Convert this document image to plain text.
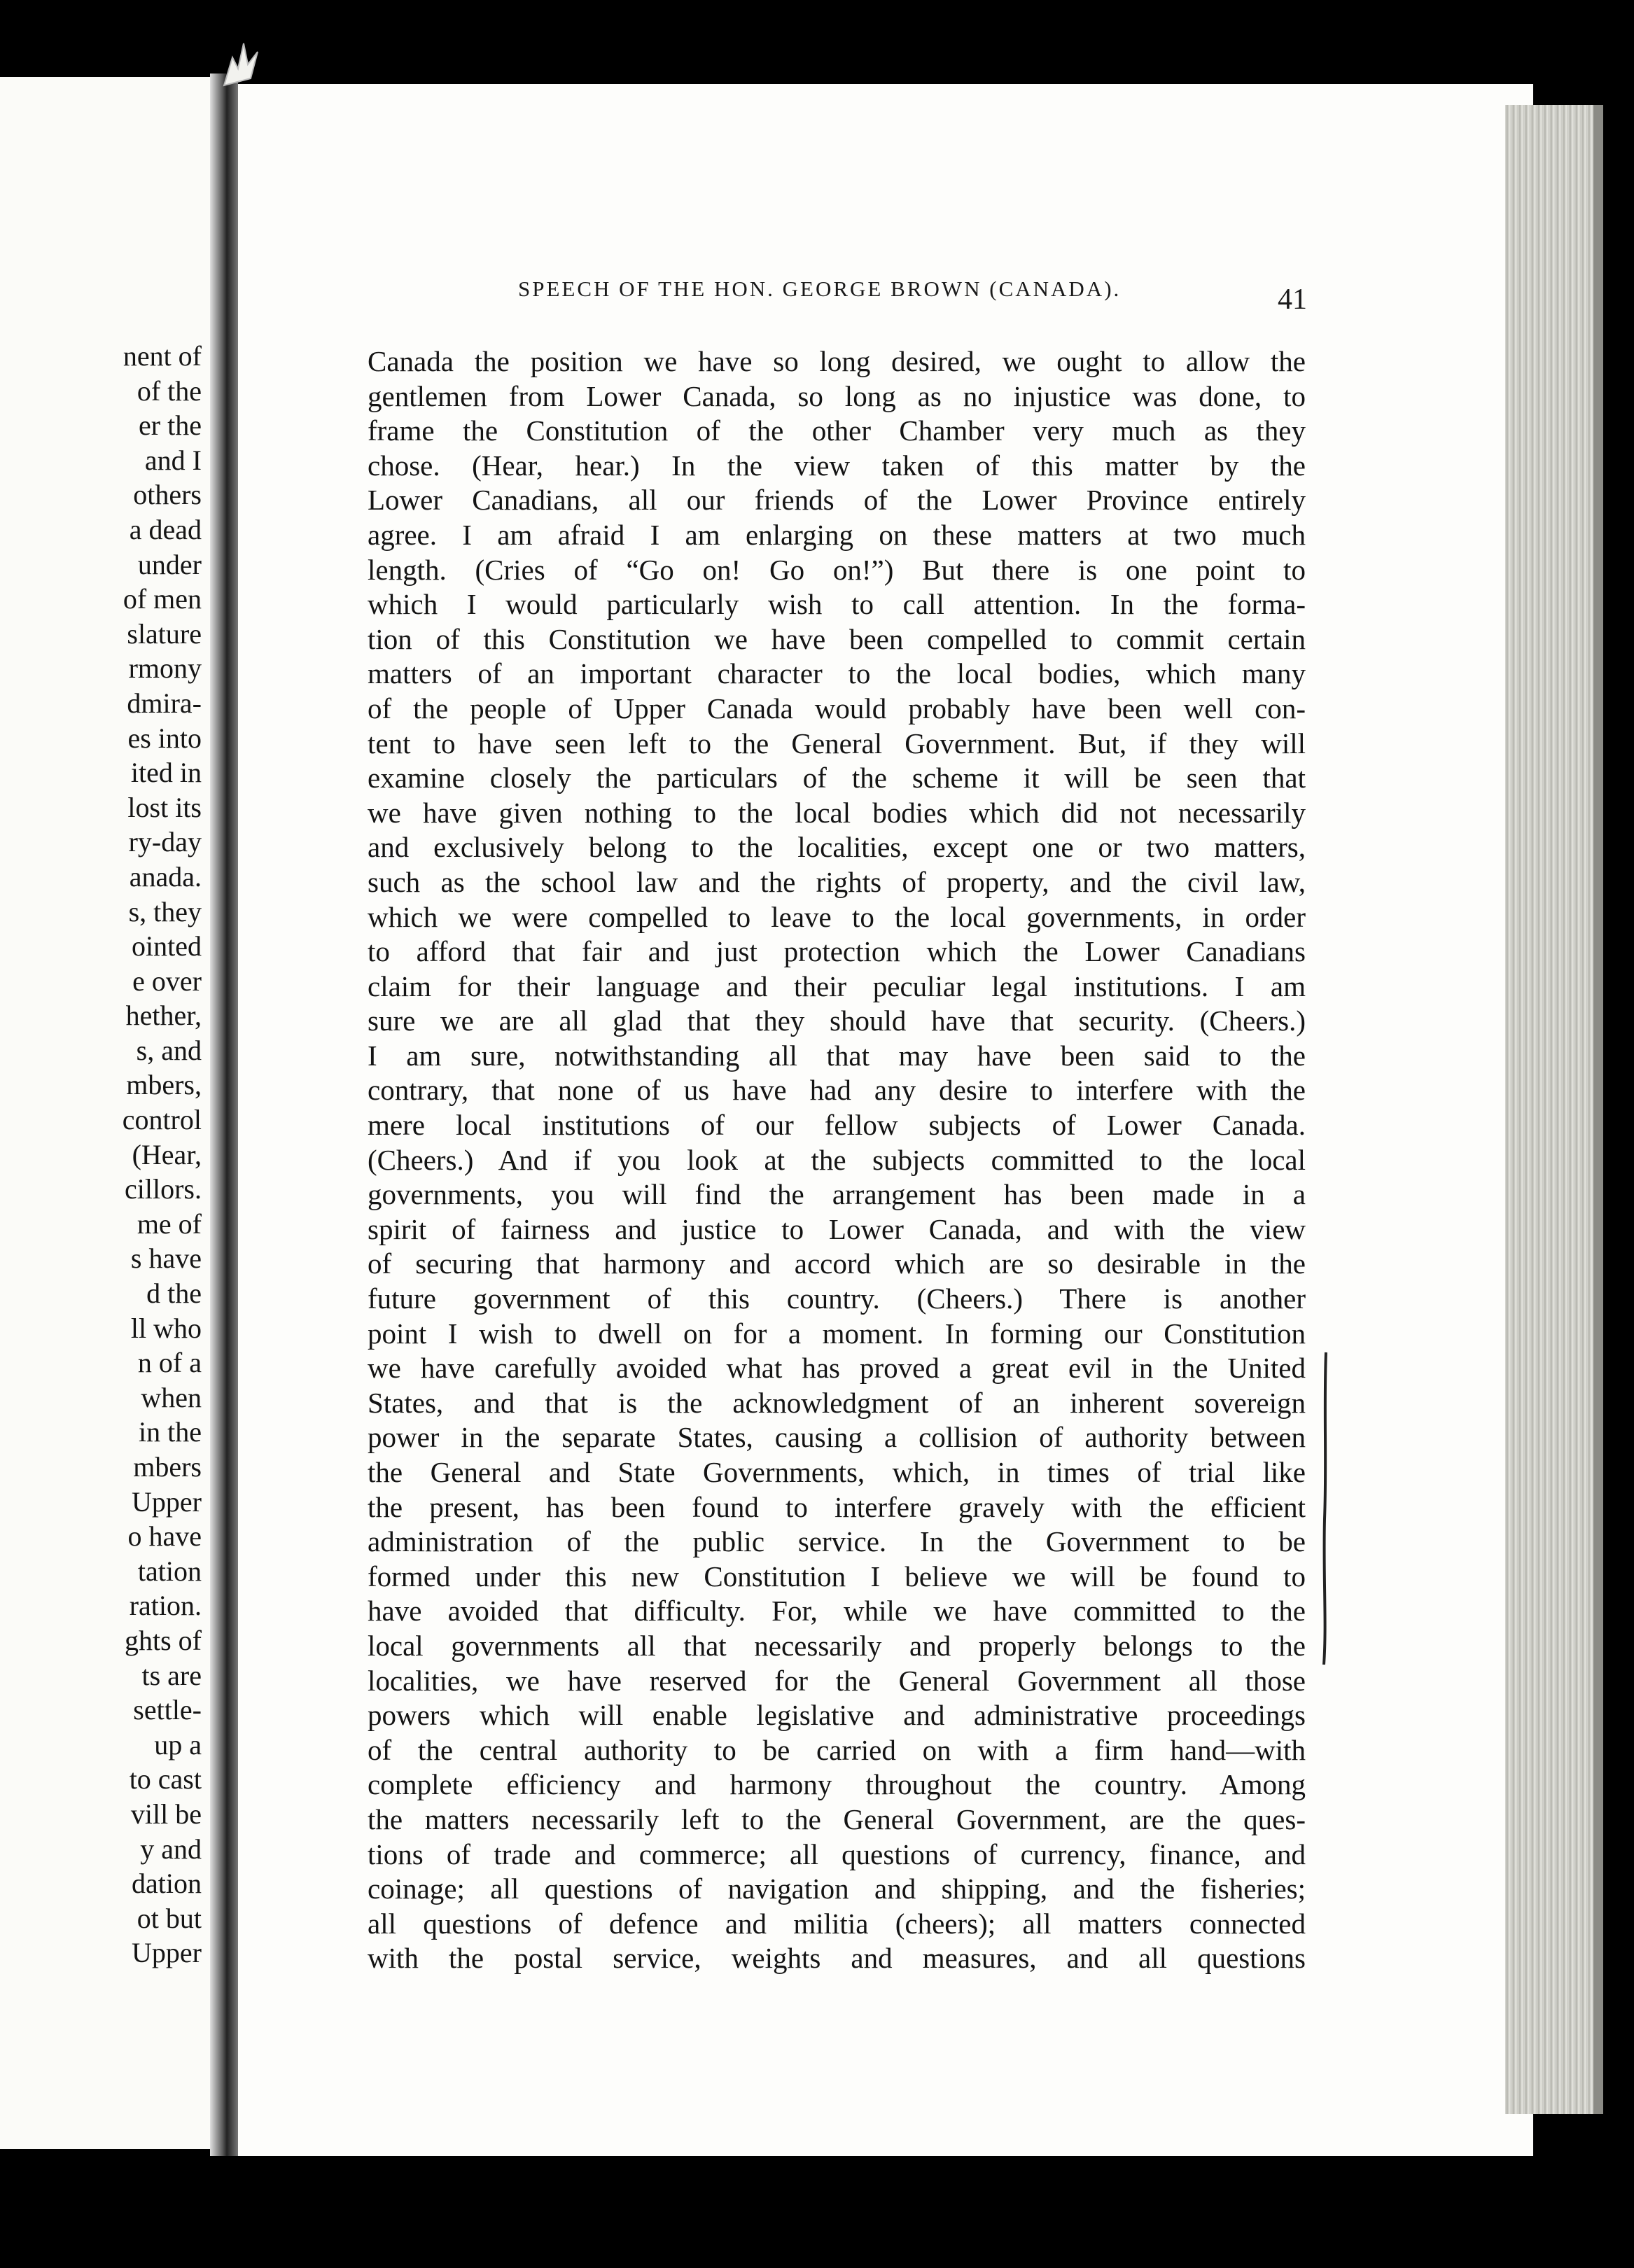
nent of
of the
er the
and I
others
a dead
under
of men
slature
rmony
dmira-
es into
ited in
lost its
ry-day
anada.
s, they
ointed
e over
hether,
s, and
mbers,
control
(Hear,
cillors.
me of
s have
d the
ll who
n of a
when
in the
mbers
Upper
o have
tation
ration.
ghts of
ts are
settle-
up a
to cast
vill be
y and
dation
ot but
Upper
SPEECH OF THE HON. GEORGE BROWN (CANADA).	41
Canada the position we have so long desired, we ought to allow the
gentlemen from Lower Canada, so long as no injustice was done, to
frame the Constitution of the other Chamber very much as they
chose. (Hear, hear.) In the view taken of this matter by the
Lower Canadians, all our friends of the Lower Province entirely
agree. I am afraid I am enlarging on these matters at two much
length. (Cries of “Go on! Go on!”) But there is one point to
which I would particularly wish to call attention. In the forma-
tion of this Constitution we have been compelled to commit certain
matters of an important character to the local bodies, which many
of the people of Upper Canada would probably have been well con-
tent to have seen left to the General Government. But, if they will
examine closely the particulars of the scheme it will be seen that
we have given nothing to the local bodies which did not necessarily
and exclusively belong to the localities, except one or two matters,
such as the school law and the rights of property, and the civil law,
which we were compelled to leave to the local governments, in order
to afford that fair and just protection which the Lower Canadians
claim for their language and their peculiar legal institutions. I am
sure we are all glad that they should have that security. (Cheers.)
I am sure, notwithstanding all that may have been said to the
contrary, that none of us have had any desire to interfere with the
mere local institutions of our fellow subjects of Lower Canada.
(Cheers.) And if you look at the subjects committed to the local
governments, you will find the arrangement has been made in a
spirit of fairness and justice to Lower Canada, and with the view
of securing that harmony and accord which are so desirable in the
future government of this country. (Cheers.) There is another
point I wish to dwell on for a moment. In forming our Constitution
we have carefully avoided what has proved a great evil in the United
States, and that is the acknowledgment of an inherent sovereign
power in the separate States, causing a collision of authority between
the General and State Governments, which, in times of trial like
the present, has been found to interfere gravely with the efficient
administration of the public service. In the Government to be
formed under this new Constitution I believe we will be found to
have avoided that difficulty. For, while we have committed to the
local governments all that necessarily and properly belongs to the
localities, we have reserved for the General Government all those
powers which will enable legislative and administrative proceedings
of the central authority to be carried on with a firm hand—with
complete efficiency and harmony throughout the country. Among
the matters necessarily left to the General Government, are the ques-
tions of trade and commerce; all questions of currency, finance, and
coinage; all questions of navigation and shipping, and the fisheries;
all questions of defence and militia (cheers); all matters connected
with the postal service, weights and measures, and all questions
